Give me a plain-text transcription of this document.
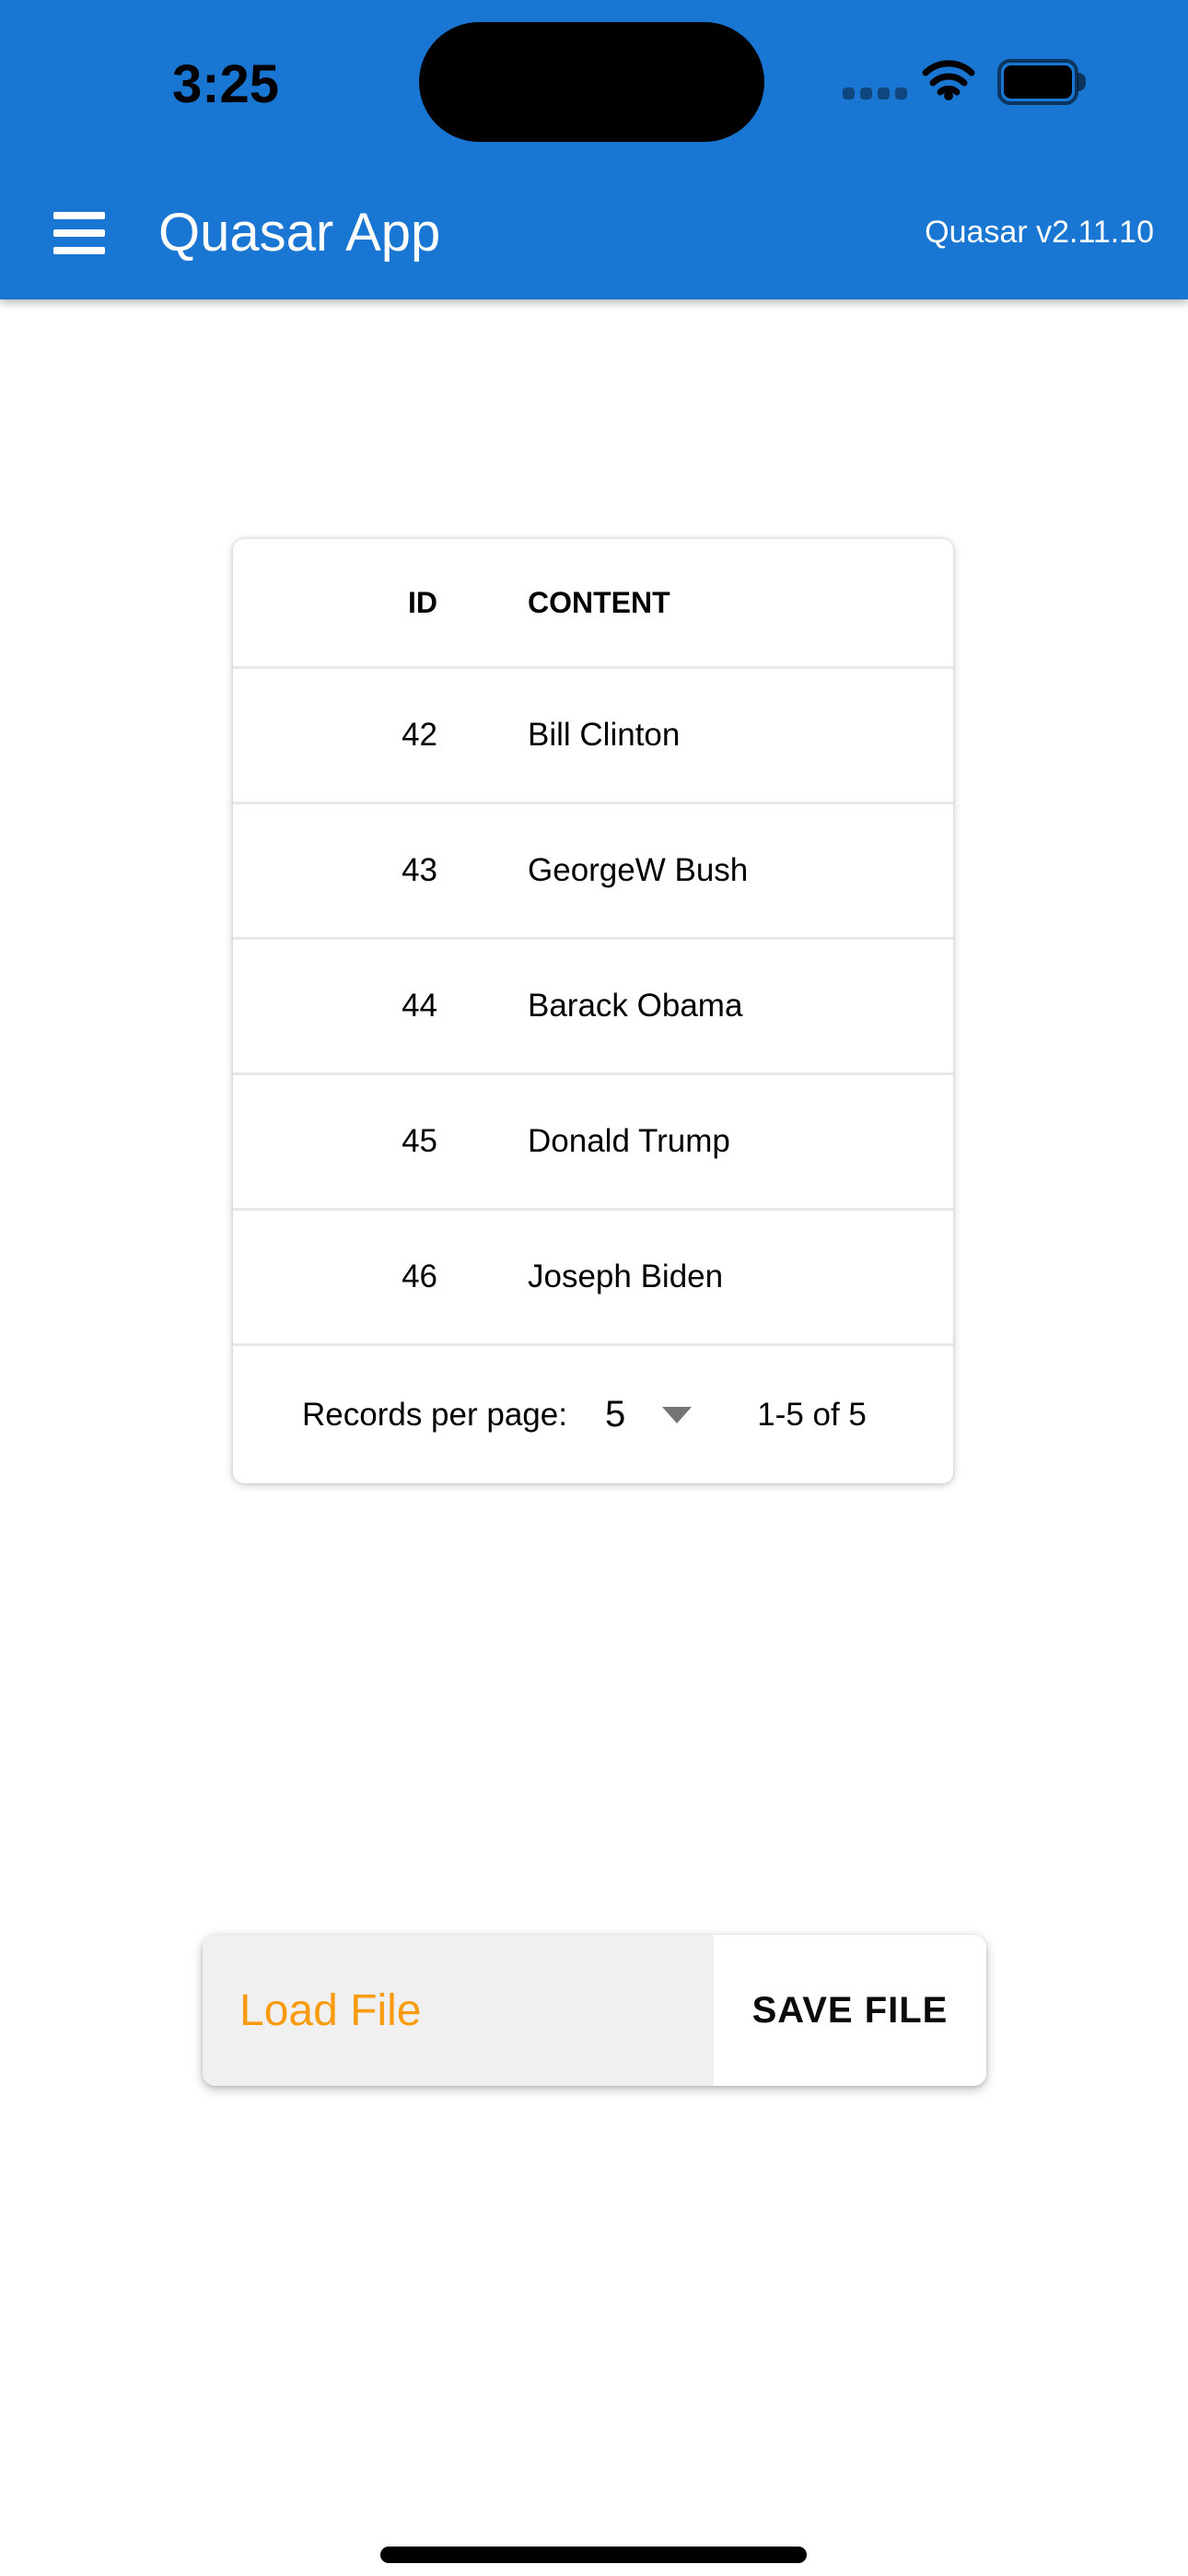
3:25
Quasar App	Quasar v2.11.10
ID	CONTENT
42	Bill Clinton
43	GeorgeW Bush
44	Barack Obama
45	Donald Trump
46	Joseph Biden
Records per page: 5	1-5 of 5
Load File	SAVE FILE
